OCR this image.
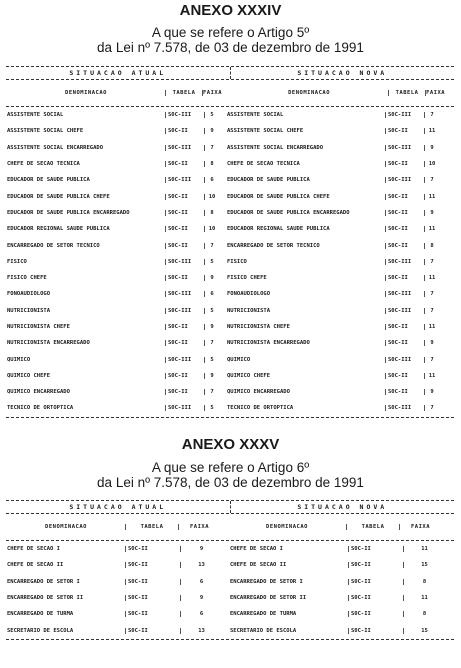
ANEXO XXXIV
A que se refere o Artigo 5º
da Lei nº 7.578, de 03 de dezembro de 1991
SITUACAO ATUAL	SITUACAO NOVA
DENOMINACAO	TABELA	FAIXA	DENOMINACAO	TABELA	FAIXA
ASSISTENTE SOCIAL	S0C-III	5	ASSISTENTE SOCIAL	S0C-III	7
ASSISTENTE SOCIAL CHEFE	S0C-II	9	ASSISTENTE SOCIAL CHEFE	S0C-II	11
ASSISTENTE SOCIAL ENCARREGADO	S0C-III	7	ASSISTENTE SOCIAL ENCARREGADO	S0C-III	9
CHEFE DE SECAO TECNICA	S0C-II	8	CHEFE DE SECAO TECNICA	S0C-II	10
EDUCADOR DE SAUDE PUBLICA	S0C-III	6	EDUCADOR DE SAUDE PUBLICA	S0C-III	7
EDUCADOR DE SAUDE PUBLICA CHEFE	S0C-II	10	EDUCADOR DE SAUDE PUBLICA CHEFE	S0C-II	11
EDUCADOR DE SAUDE PUBLICA ENCARREGADO	S0C-II	8	EDUCADOR DE SAUDE PUBLICA ENCARREGADO	S0C-II	9
EDUCADOR REGIONAL SAUDE PUBLICA	S0C-II	10	EDUCADOR REGIONAL SAUDE PUBLICA	S0C-II	11
ENCARREGADO DE SETOR TECNICO	S0C-II	7	ENCARREGADO DE SETOR TECNICO	S0C-II	8
FISICO	S0C-III	5	FISICO	S0C-III	7
FISICO CHEFE	S0C-II	9	FISICO CHEFE	S0C-II	11
FONOAUDIOLOGO	S0C-III	6	FONOAUDIOLOGO	S0C-III	7
NUTRICIONISTA	S0C-III	5	NUTRICIONISTA	S0C-III	7
NUTRICIONISTA CHEFE	S0C-II	9	NUTRICIONISTA CHEFE	S0C-II	11
NUTRICIONISTA ENCARREGADO	S0C-II	7	NUTRICIONISTA ENCARREGADO	S0C-II	9
QUIMICO	S0C-III	5	QUIMICO	S0C-III	7
QUIMICO CHEFE	S0C-II	9	QUIMICO CHEFE	S0C-II	11
QUIMICO ENCARREGADO	S0C-II	7	QUIMICO ENCARREGADO	S0C-II	9
TECNICO DE ORTOPTICA	S0C-III	5	TECNICO DE ORTOPTICA	S0C-III	7
ANEXO XXXV
A que se refere o Artigo 6º
da Lei nº 7.578, de 03 de dezembro de 1991
SITUACAO ATUAL	SITUACAO NOVA
DENOMINACAO	TABELA	FAIXA	DENOMINACAO	TABELA	FAIXA
CHEFE DE SECAO I	S0C-II	9	CHEFE DE SECAO I	S0C-II	11
CHEFE DE SECAO II	S0C-II	13	CHEFE DE SECAO II	S0C-II	15
ENCARREGADO DE SETOR I	S0C-II	6	ENCARREGADO DE SETOR I	S0C-II	8
ENCARREGADO DE SETOR II	S0C-II	9	ENCARREGADO DE SETOR II	S0C-II	11
ENCARREGADO DE TURMA	S0C-II	6	ENCARREGADO DE TURMA	S0C-II	8
SECRETARIO DE ESCOLA	S0C-II	13	SECRETARIO DE ESCOLA	S0C-II	15
